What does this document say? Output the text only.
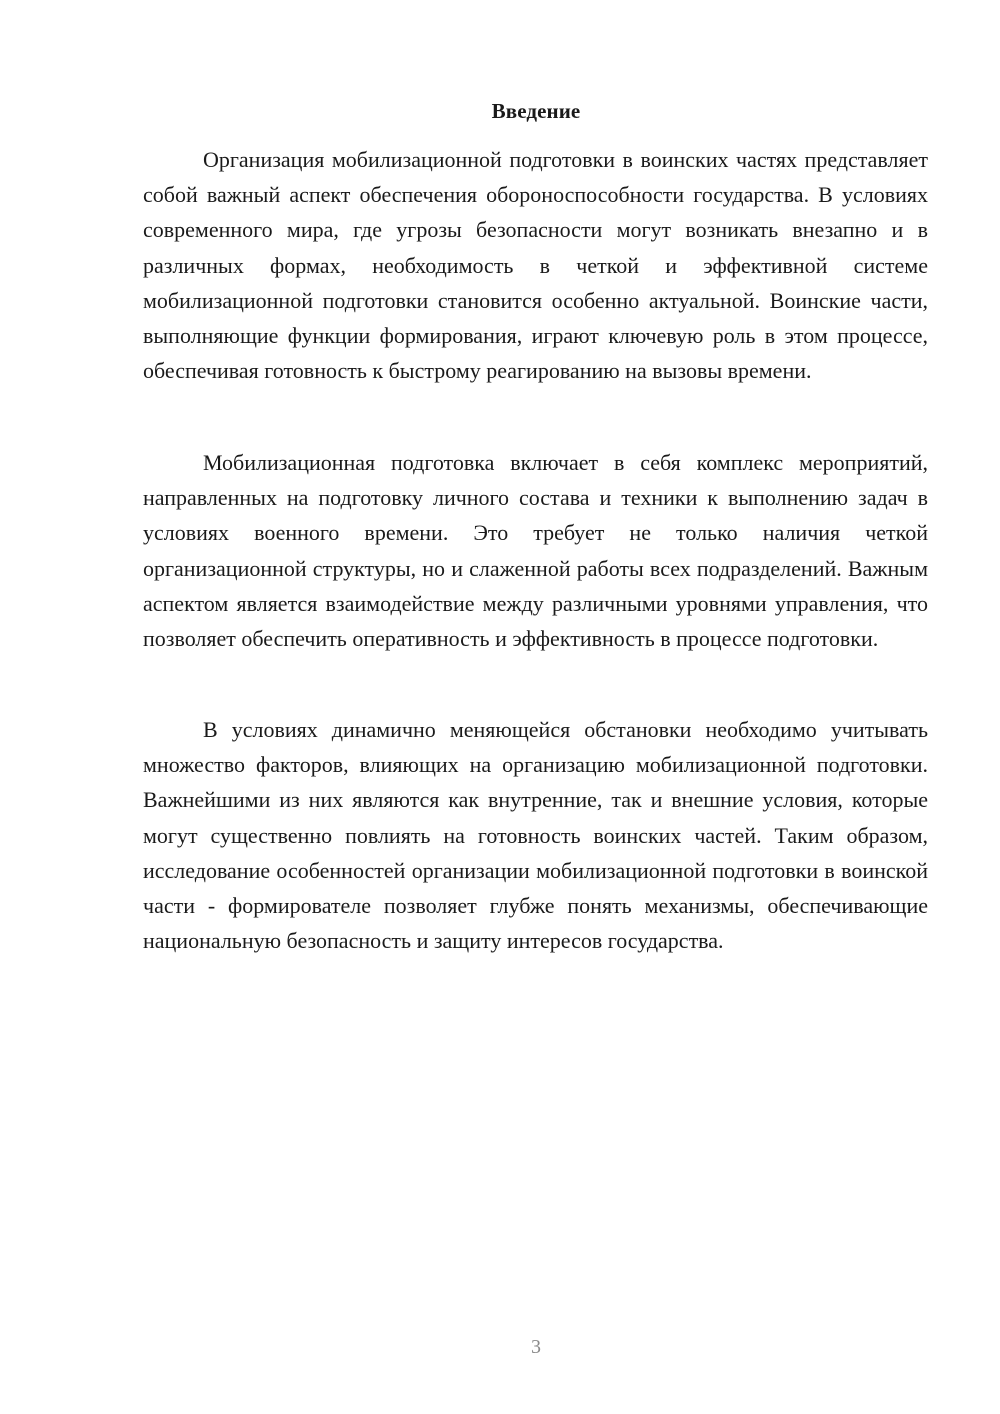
Введение

Организация мобилизационной подготовки в воинских частях представляет собой важный аспект обеспечения обороноспособности государства. В условиях современного мира, где угрозы безопасности могут возникать внезапно и в различных формах, необходимость в четкой и эффективной системе мобилизационной подготовки становится особенно актуальной. Воинские части, выполняющие функции формирования, играют ключевую роль в этом процессе, обеспечивая готовность к быстрому реагированию на вызовы времени.

Мобилизационная подготовка включает в себя комплекс мероприятий, направленных на подготовку личного состава и техники к выполнению задач в условиях военного времени. Это требует не только наличия четкой организационной структуры, но и слаженной работы всех подразделений. Важным аспектом является взаимодействие между различными уровнями управления, что позволяет обеспечить оперативность и эффективность в процессе подготовки.

В условиях динамично меняющейся обстановки необходимо учитывать множество факторов, влияющих на организацию мобилизационной подготовки. Важнейшими из них являются как внутренние, так и внешние условия, которые могут существенно повлиять на готовность воинских частей. Таким образом, исследование особенностей организации мобилизационной подготовки в воинской части - формирователе позволяет глубже понять механизмы, обеспечивающие национальную безопасность и защиту интересов государства.

3
